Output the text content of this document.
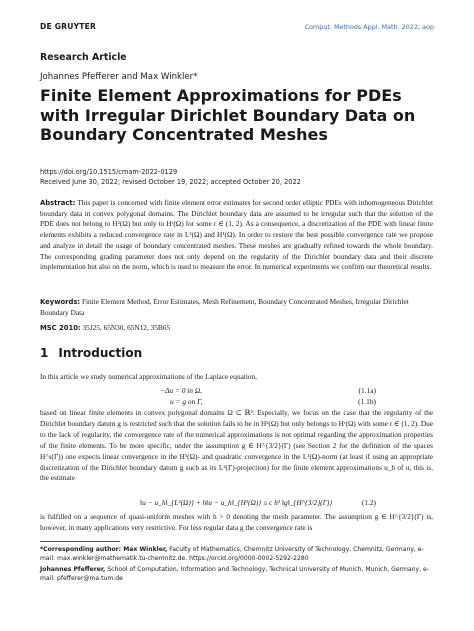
DE GRUYTER	Comput. Methods Appl. Math. 2022; aop
Research Article
Johannes Pfefferer and Max Winkler*
Finite Element Approximations for PDEs with Irregular Dirichlet Boundary Data on Boundary Concentrated Meshes
https://doi.org/10.1515/cmam-2022-0129
Received June 30, 2022; revised October 19, 2022; accepted October 20, 2022
Abstract: This paper is concerned with finite element error estimates for second order elliptic PDEs with inhomogeneous Dirichlet boundary data in convex polygonal domains. The Dirichlet boundary data are assumed to be irregular such that the solution of the PDE does not belong to H²(Ω) but only to Hʳ(Ω) for some r ∈ (1, 2). As a consequence, a discretization of the PDE with linear finite elements exhibits a reduced convergence rate in L²(Ω) and H¹(Ω). In order to restore the best possible convergence rate we propose and analyze in detail the usage of boundary concentrated meshes. These meshes are gradually refined towards the whole boundary. The corresponding grading parameter does not only depend on the regularity of the Dirichlet boundary data and their discrete implementation but also on the norm, which is used to measure the error. In numerical experiments we confirm our theoretical results.
Keywords: Finite Element Method, Error Estimates, Mesh Refinement, Boundary Concentrated Meshes, Irregular Dirichlet Boundary Data
MSC 2010: 35J25, 65N30, 65N12, 35B65
1 Introduction
In this article we study numerical approximations of the Laplace equation,
−Δu = 0 in Ω,	(1.1a)
u = g on Γ,	(1.1b)
based on linear finite elements in convex polygonal domains Ω ⊂ ℝ². Especially, we focus on the case that the regularity of the Dirichlet boundary datum g is restricted such that the solution fails to be in H²(Ω) but only belongs to Hʳ(Ω) with some r ∈ (1, 2). Due to the lack of regularity, the convergence rate of the numerical approximations is not optimal regarding the approximation properties of the finite elements. To be more specific, under the assumption g ∈ H^{3/2}(Γ) (see Section 2 for the definition of the spaces H^s(Γ)) one expects linear convergence in the H¹(Ω)- and quadratic convergence in the L²(Ω)-norm (at least if using an appropriate discretization of the Dirichlet boundary datum g such as its L²(Γ)-projection) for the finite element approximations u_h of u, this is, the estimate
‖u − u_h‖_{L²(Ω)} + h‖u − u_h‖_{H¹(Ω)} ≤ c h² ‖g‖_{H^{3/2}(Γ)}	(1.2)
is fulfilled on a sequence of quasi-uniform meshes with h > 0 denoting the mesh parameter. The assumption g ∈ H^{3/2}(Γ) is, however, in many applications very restrictive. For less regular data g the convergence rate is
*Corresponding author: Max Winkler, Faculty of Mathematics, Chemnitz University of Technology, Chemnitz, Germany, e-mail: max.winkler@mathematik.tu-chemnitz.de. https://orcid.org/0000-0002-5292-2280
Johannes Pfefferer, School of Computation, Information and Technology, Technical University of Munich, Munich, Germany, e-mail: pfefferer@ma.tum.de
